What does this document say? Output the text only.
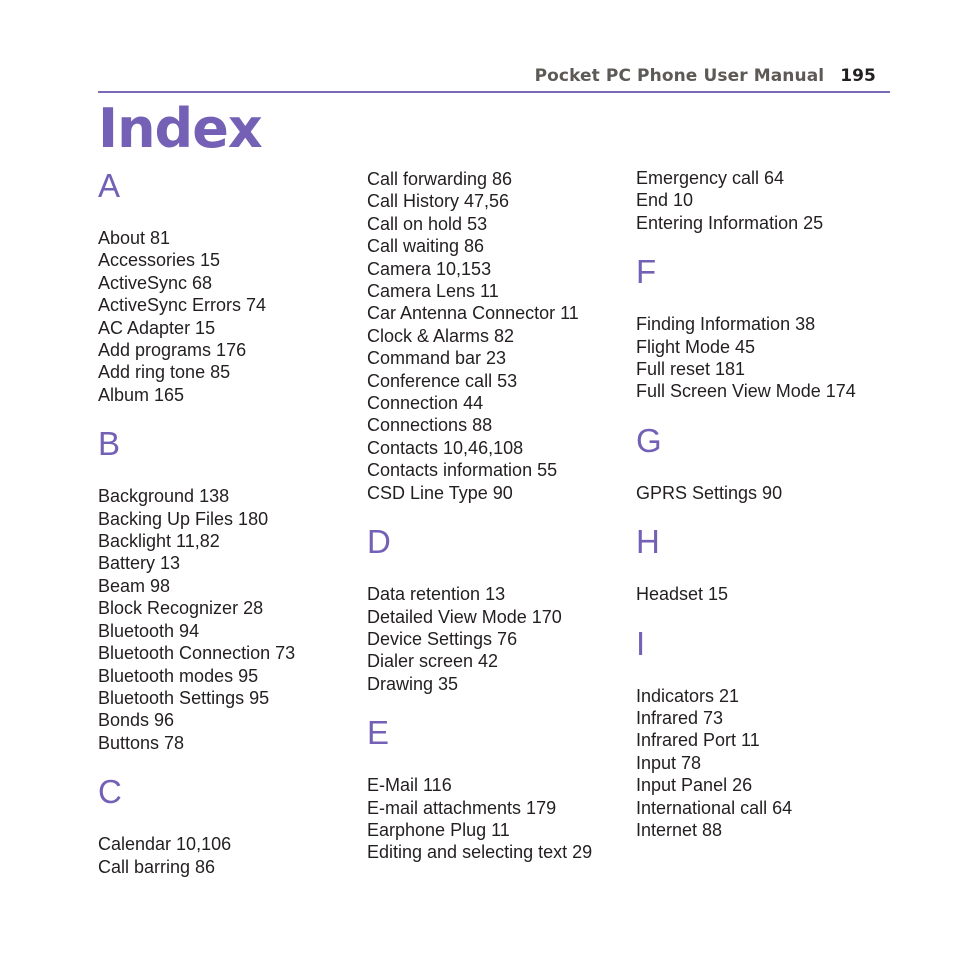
Pocket PC Phone User Manual 195
Index
A
About 81
Accessories 15
ActiveSync 68
ActiveSync Errors 74
AC Adapter 15
Add programs 176
Add ring tone 85
Album 165
B
Background 138
Backing Up Files 180
Backlight 11,82
Battery 13
Beam 98
Block Recognizer 28
Bluetooth 94
Bluetooth Connection 73
Bluetooth modes 95
Bluetooth Settings 95
Bonds 96
Buttons 78
C
Calendar 10,106
Call barring 86
Call forwarding 86
Call History 47,56
Call on hold 53
Call waiting 86
Camera 10,153
Camera Lens 11
Car Antenna Connector 11
Clock & Alarms 82
Command bar 23
Conference call 53
Connection 44
Connections 88
Contacts 10,46,108
Contacts information 55
CSD Line Type 90
D
Data retention 13
Detailed View Mode 170
Device Settings 76
Dialer screen 42
Drawing 35
E
E-Mail 116
E-mail attachments 179
Earphone Plug 11
Editing and selecting text 29
Emergency call 64
End 10
Entering Information 25
F
Finding Information 38
Flight Mode 45
Full reset 181
Full Screen View Mode 174
G
GPRS Settings 90
H
Headset 15
I
Indicators 21
Infrared 73
Infrared Port 11
Input 78
Input Panel 26
International call 64
Internet 88
